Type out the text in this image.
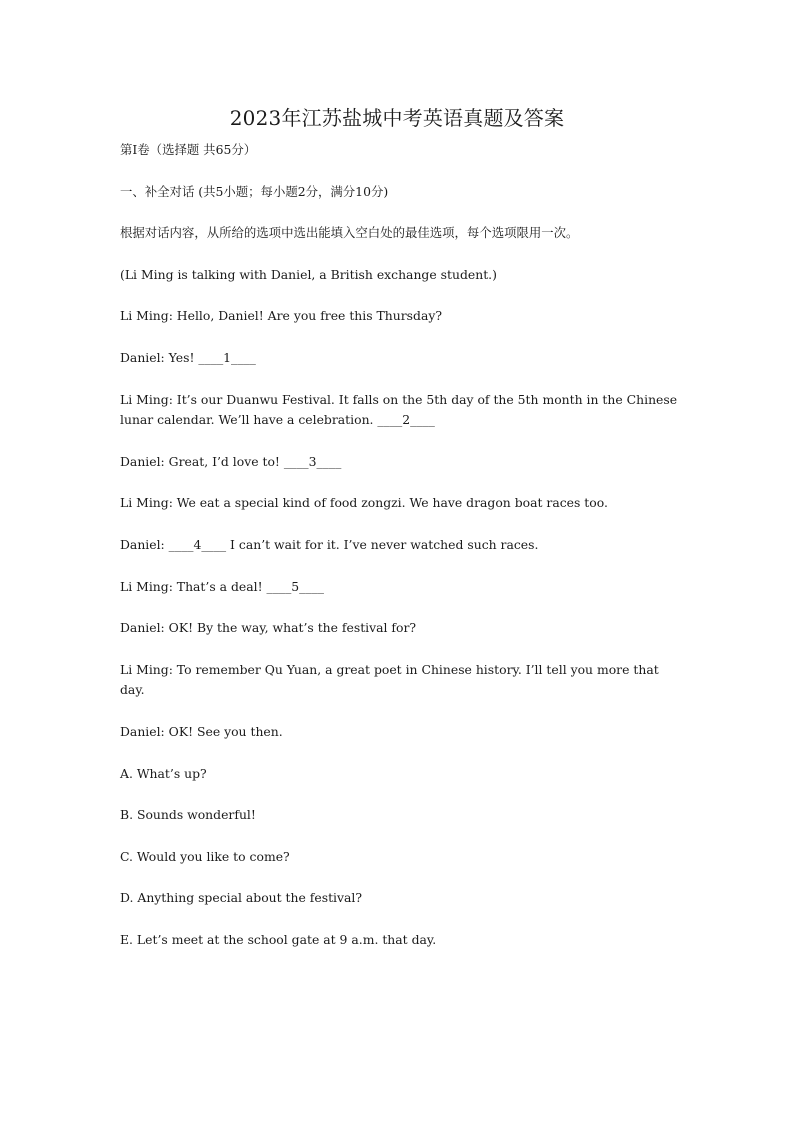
2023年江苏盐城中考英语真题及答案

第Ⅰ卷（选择题 共65分）

一、补全对话 (共5小题；每小题2分，满分10分)

根据对话内容，从所给的选项中选出能填入空白处的最佳选项，每个选项限用一次。

(Li Ming is talking with Daniel, a British exchange student.)

Li Ming: Hello, Daniel! Are you free this Thursday?

Daniel: Yes! ____1____

Li Ming: It’s our Duanwu Festival. It falls on the 5th day of the 5th month in the Chinese lunar calendar. We’ll have a celebration. ____2____

Daniel: Great, I’d love to! ____3____

Li Ming: We eat a special kind of food zongzi. We have dragon boat races too.

Daniel: ____4____ I can’t wait for it. I’ve never watched such races.

Li Ming: That’s a deal! ____5____

Daniel: OK! By the way, what’s the festival for?

Li Ming: To remember Qu Yuan, a great poet in Chinese history. I’ll tell you more that day.

Daniel: OK! See you then.

A. What’s up?

B. Sounds wonderful!

C. Would you like to come?

D. Anything special about the festival?

E. Let’s meet at the school gate at 9 a.m. that day.
